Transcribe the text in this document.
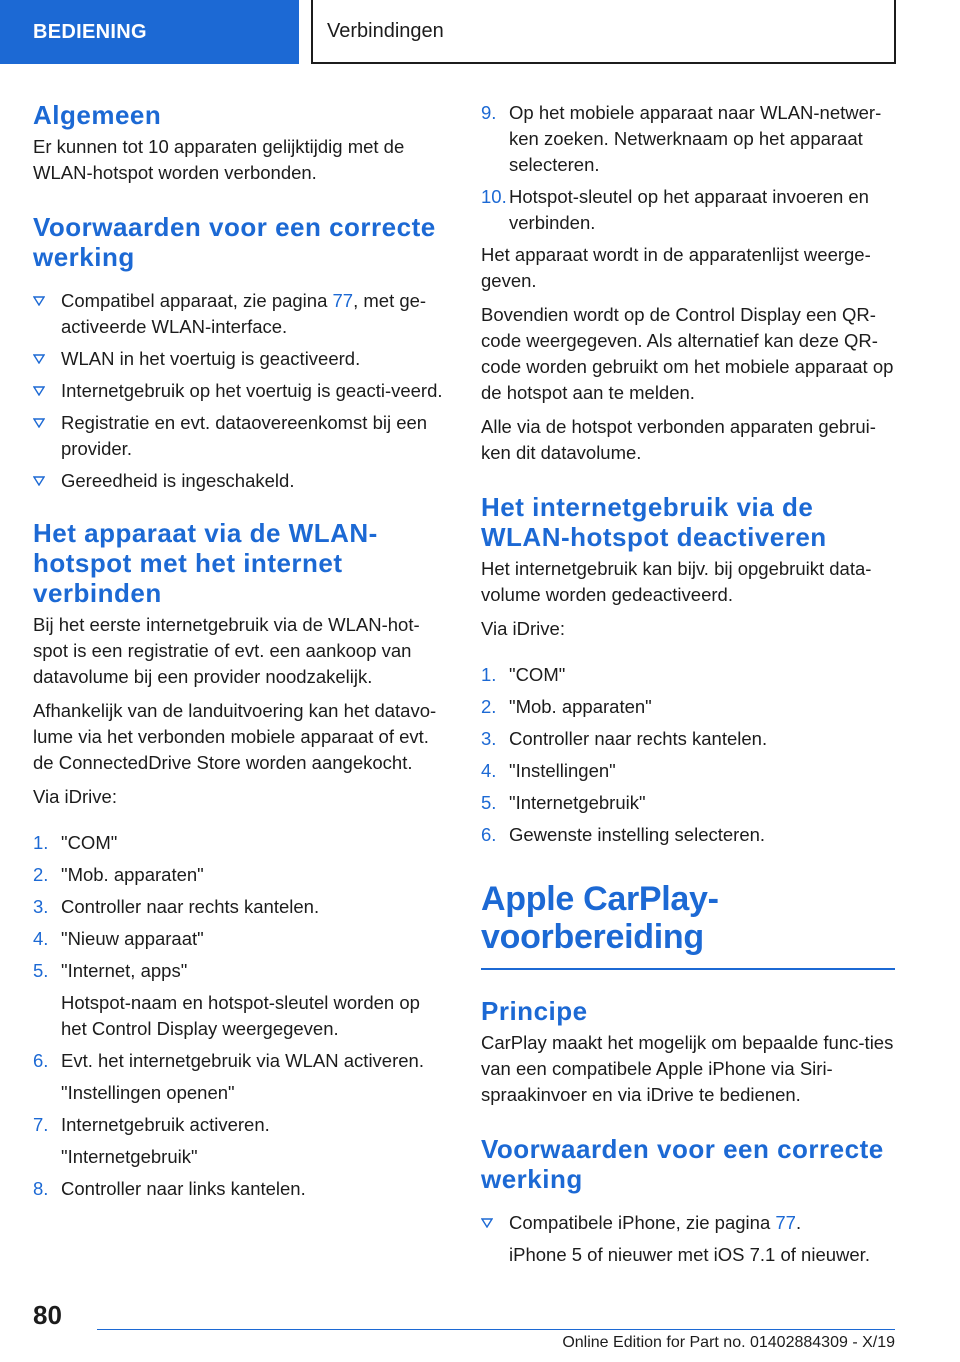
BEDIENING	Verbindingen
Algemeen

Er kunnen tot 10 apparaten gelijktijdig met de WLAN-hotspot worden verbonden.

Voorwaarden voor een correcte werking
Compatibel apparaat, zie pagina 77, met ge-activeerde WLAN-interface.
WLAN in het voertuig is geactiveerd.
Internetgebruik op het voertuig is geacti-veerd.
Registratie en evt. dataovereenkomst bij een provider.
Gereedheid is ingeschakeld.
Het apparaat via de WLAN-hotspot met het internet verbinden

Bij het eerste internetgebruik via de WLAN-hot-spot is een registratie of evt. een aankoop van datavolume bij een provider noodzakelijk.

Afhankelijk van de landuitvoering kan het datavo-lume via het verbonden mobiele apparaat of evt. de ConnectedDrive Store worden aangekocht.

Via iDrive:

1. "COM"
2. "Mob. apparaten"
3. Controller naar rechts kantelen.
4. "Nieuw apparaat"
5. "Internet, apps"
Hotspot-naam en hotspot-sleutel worden op het Control Display weergegeven.
6. Evt. het internetgebruik via WLAN activeren.
"Instellingen openen"
7. Internetgebruik activeren.
"Internetgebruik"
8. Controller naar links kantelen.
9. Op het mobiele apparaat naar WLAN-netwer-ken zoeken. Netwerknaam op het apparaat selecteren.
10. Hotspot-sleutel op het apparaat invoeren en verbinden.

Het apparaat wordt in de apparatenlijst weerge-geven.

Bovendien wordt op de Control Display een QR-code weergegeven. Als alternatief kan deze QR-code worden gebruikt om het mobiele apparaat op de hotspot aan te melden.

Alle via de hotspot verbonden apparaten gebrui-ken dit datavolume.

Het internetgebruik via de WLAN-hotspot deactiveren

Het internetgebruik kan bijv. bij opgebruikt data-volume worden gedeactiveerd.

Via iDrive:

1. "COM"
2. "Mob. apparaten"
3. Controller naar rechts kantelen.
4. "Instellingen"
5. "Internetgebruik"
6. Gewenste instelling selecteren.
Apple CarPlay-voorbereiding
Principe

CarPlay maakt het mogelijk om bepaalde func-ties van een compatibele Apple iPhone via Siri-spraakinvoer en via iDrive te bedienen.

Voorwaarden voor een correcte werking
Compatibele iPhone, zie pagina 77.
iPhone 5 of nieuwer met iOS 7.1 of nieuwer.
80
Online Edition for Part no. 01402884309 - X/19
